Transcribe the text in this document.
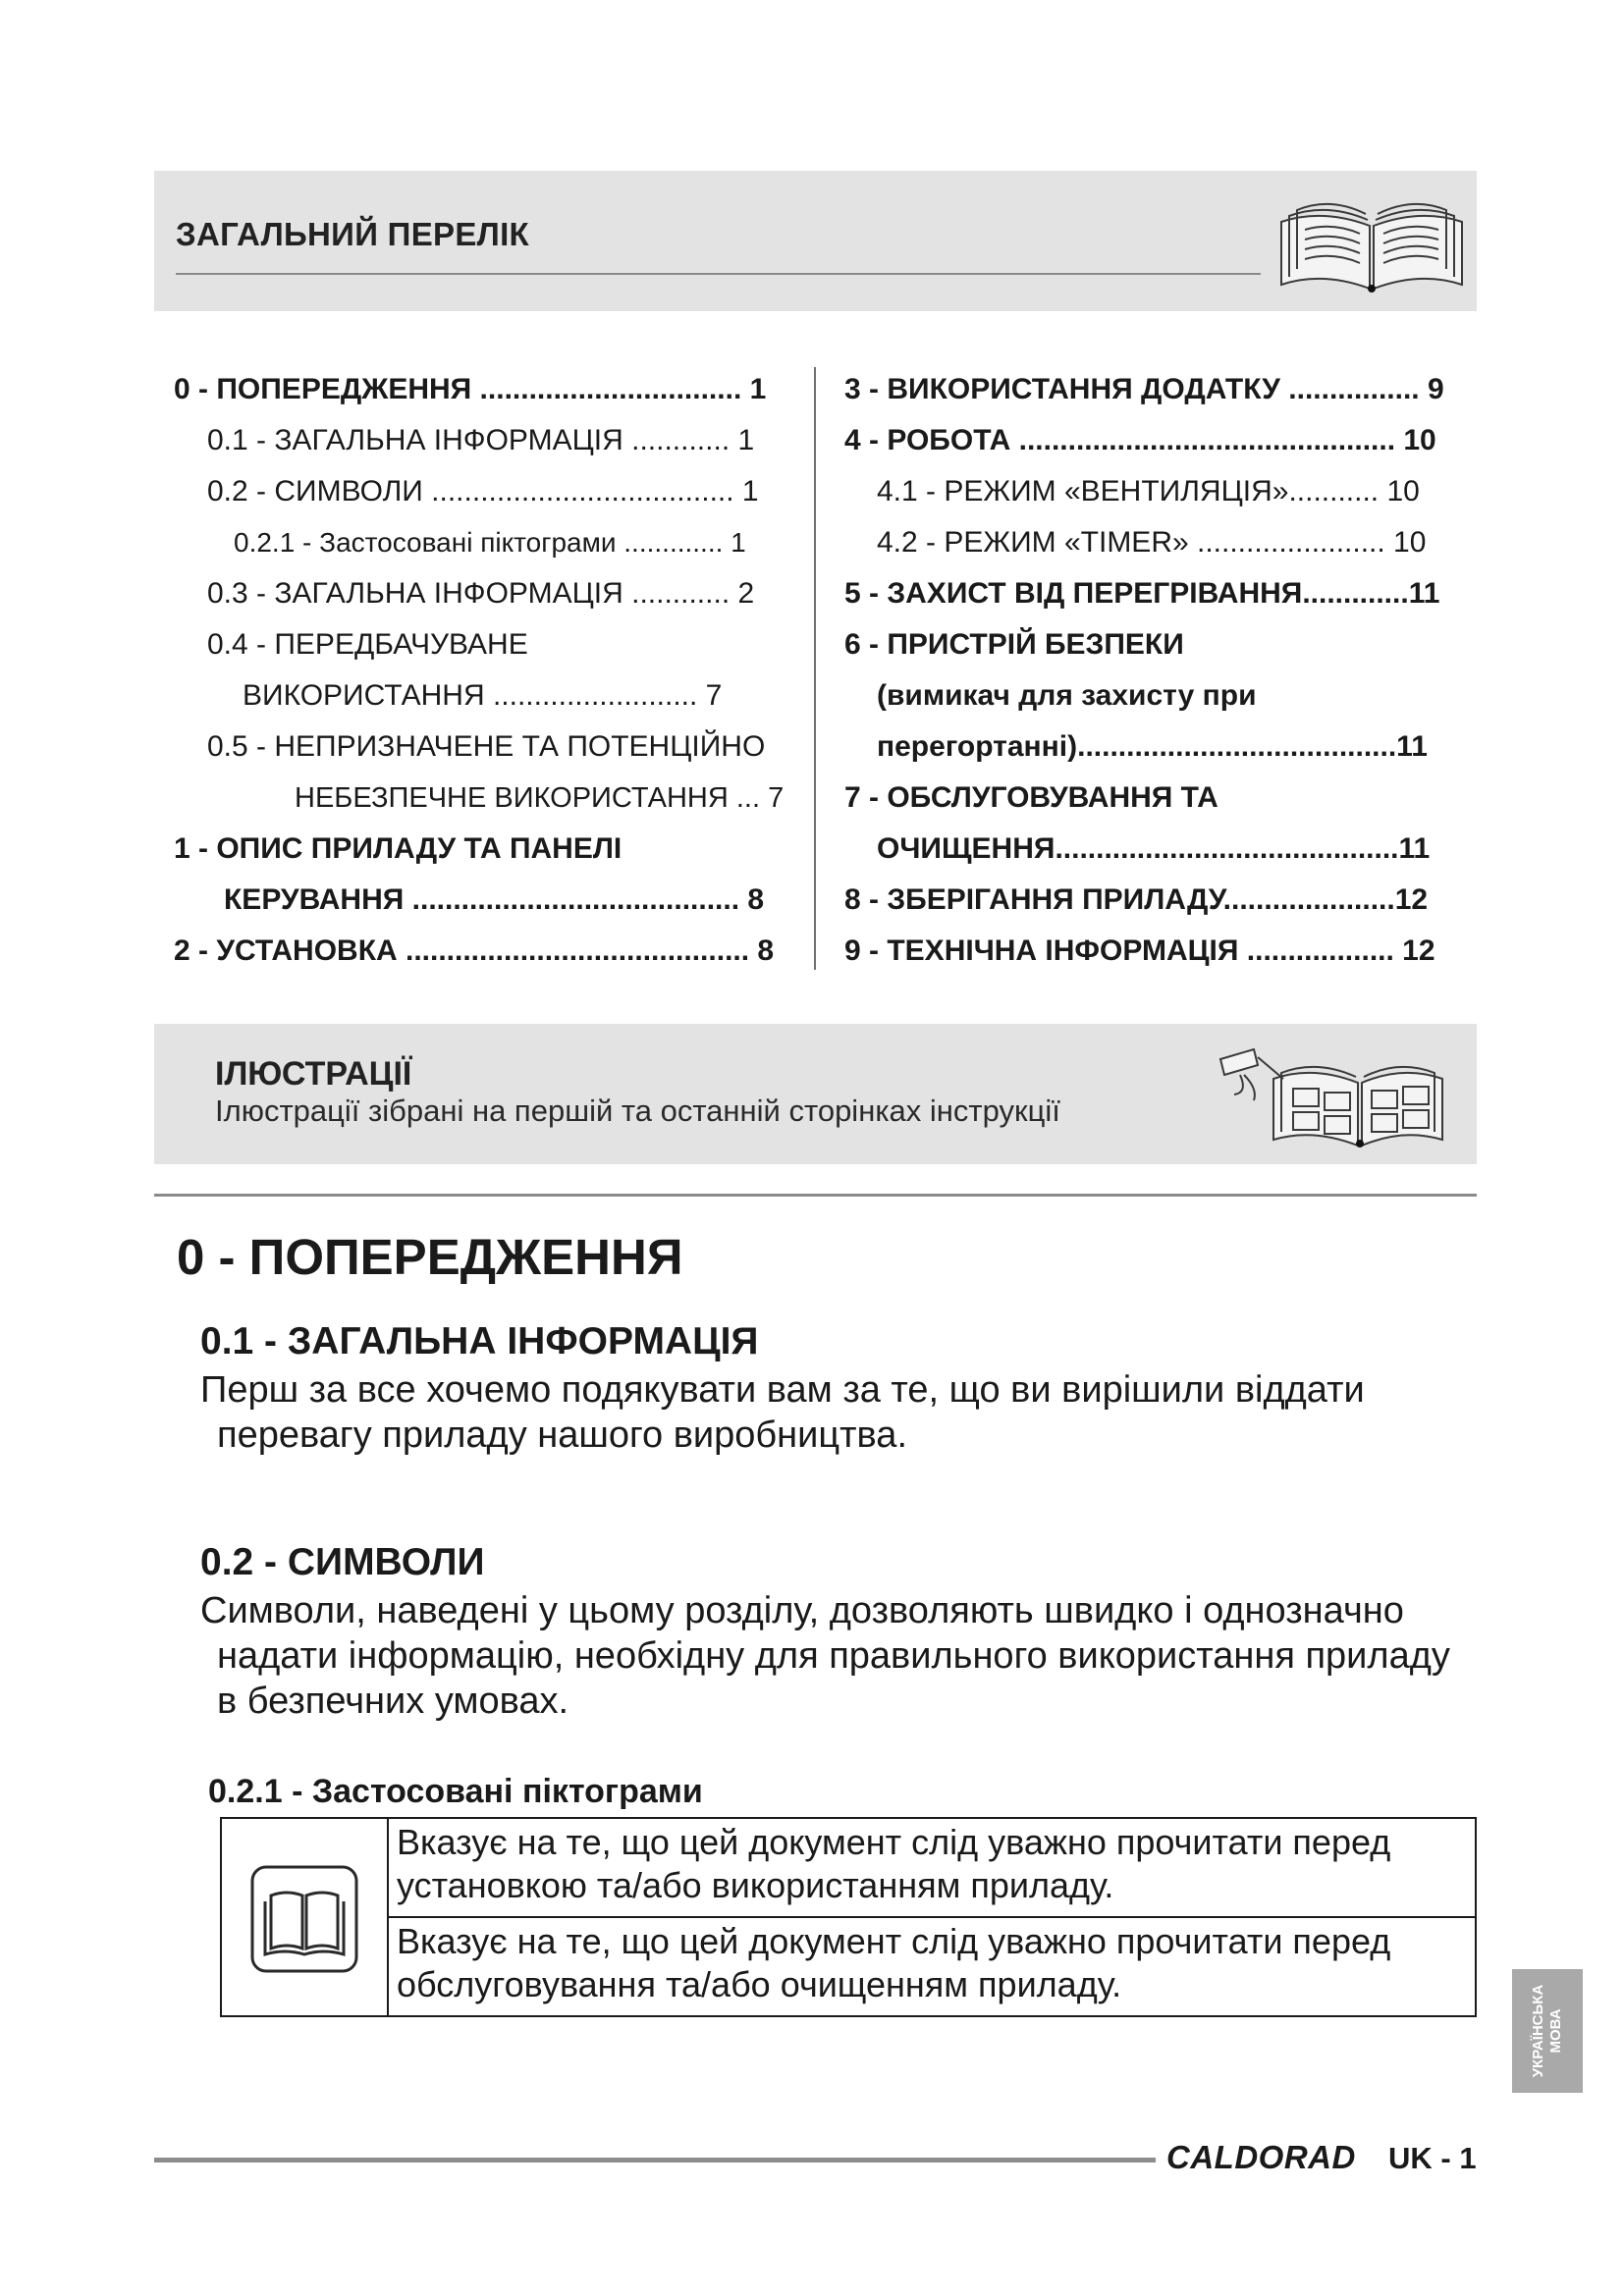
ЗАГАЛЬНИЙ ПЕРЕЛІК
0 - ПОПЕРЕДЖЕННЯ ................................ 1
0.1 - ЗАГАЛЬНА ІНФОРМАЦІЯ ............ 1
0.2 - СИМВОЛИ ..................................... 1
0.2.1 - Застосовані піктограми ............. 1
0.3 - ЗАГАЛЬНА ІНФОРМАЦІЯ ............ 2
0.4 - ПЕРЕДБАЧУВАНЕ
ВИКОРИСТАННЯ ......................... 7
0.5 - НЕПРИЗНАЧЕНЕ ТА ПОТЕНЦІЙНО
НЕБЕЗПЕЧНЕ ВИКОРИСТАННЯ ... 7
1 - ОПИС ПРИЛАДУ ТА ПАНЕЛІ
КЕРУВАННЯ ........................................ 8
2 - УСТАНОВКА .......................................... 8
3 - ВИКОРИСТАННЯ ДОДАТКУ ................ 9
4 - РОБОТА .............................................. 10
4.1 - РЕЖИМ «ВЕНТИЛЯЦІЯ»........... 10
4.2 - РЕЖИМ «TIMER» ....................... 10
5 - ЗАХИСТ ВІД ПЕРЕГРІВАННЯ.............11
6 - ПРИСТРІЙ БЕЗПЕКИ
(вимикач для захисту при
перегортанні).......................................11
7 - ОБСЛУГОВУВАННЯ ТА
ОЧИЩЕННЯ..........................................11
8 - ЗБЕРІГАННЯ ПРИЛАДУ.....................12
9 - ТЕХНІЧНА ІНФОРМАЦІЯ .................. 12
ІЛЮСТРАЦІЇ
Ілюстрації зібрані на першій та останній сторінках інструкції
0 - ПОПЕРЕДЖЕННЯ
0.1 - ЗАГАЛЬНА ІНФОРМАЦІЯ
Перш за все хочемо подякувати вам за те, що ви вирішили віддати
перевагу приладу нашого виробництва.
0.2 - СИМВОЛИ
Символи, наведені у цьому розділу, дозволяють швидко і однозначно
надати інформацію, необхідну для правильного використання приладу
в безпечних умовах.
0.2.1 - Застосовані піктограми
Вказує на те, що цей документ слід уважно прочитати перед
установкою та/або використанням приладу.
Вказує на те, що цей документ слід уважно прочитати перед
обслуговування та/або очищенням приладу.
УКРАЇНСЬКА МОВА
CALDORAD UK - 1
